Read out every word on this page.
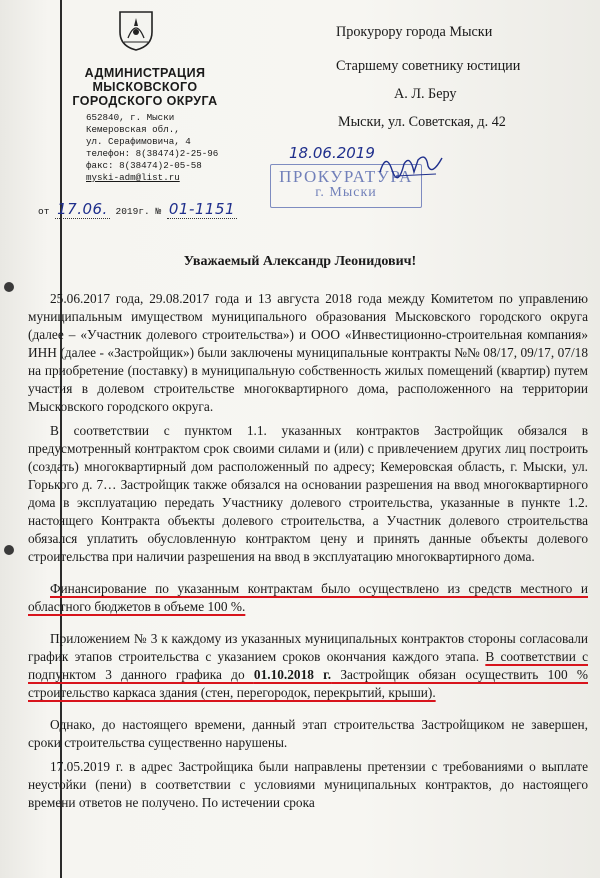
АДМИНИСТРАЦИЯ

МЫСКОВСКОГО

ГОРОДСКОГО ОКРУГА

652840, г. Мыски
Кемеровская обл.,
ул. Серафимовича, 4
телефон: 8(38474)2-25-96
факс: 8(38474)2-05-58
myski-adm@list.ru
от 17.06. 2019г. № 01-1151
Прокурору города Мыски
Старшему советнику юстиции
А. Л. Беру
Мыски, ул. Советская, д. 42
ПРОКУРАТУРА
г. Мыски
18.06.2019
Уважаемый Александр Леонидович!

25.06.2017 года, 29.08.2017 года и 13 августа 2018 года между Комитетом по управлению муниципальным имуществом муниципального образования Мысковского городского округа (далее – «Участник долевого строительства») и ООО «Инвестиционно-строительная компания» ИНН (далее - «Застройщик») были заключены муниципальные контракты №№ 08/17, 09/17, 07/18 на приобретение (поставку) в муниципальную собственность жилых помещений (квартир) путем участия в долевом строительстве многоквартирного дома, расположенного на территории Мысковского городского округа.

В соответствии с пунктом 1.1. указанных контрактов Застройщик обязался в предусмотренный контрактом срок своими силами и (или) с привлечением других лиц построить (создать) многоквартирный дом расположенный по адресу; Кемеровская область, г. Мыски, ул. Горького д. 7… Застройщик также обязался на основании разрешения на ввод многоквартирного дома в эксплуатацию передать Участнику долевого строительства, указанные в пункте 1.2. настоящего Контракта объекты долевого строительства, а Участник долевого строительства обязался уплатить обусловленную контрактом цену и принять данные объекты долевого строительства при наличии разрешения на ввод в эксплуатацию многоквартирного дома.

Финансирование по указанным контрактам было осуществлено из средств местного и областного бюджетов в объеме 100 %.

Приложением № 3 к каждому из указанных муниципальных контрактов стороны согласовали график этапов строительства с указанием сроков окончания каждого этапа. В соответствии с подпунктом 3 данного графика до 01.10.2018 г. Застройщик обязан осуществить 100 % строительство каркаса здания (стен, перегородок, перекрытий, крыши).

Однако, до настоящего времени, данный этап строительства Застройщиком не завершен, сроки строительства существенно нарушены.

17.05.2019 г. в адрес Застройщика были направлены претензии с требованиями о выплате неустойки (пени) в соответствии с условиями муниципальных контрактов, до настоящего времени ответов не получено. По истечении срока
